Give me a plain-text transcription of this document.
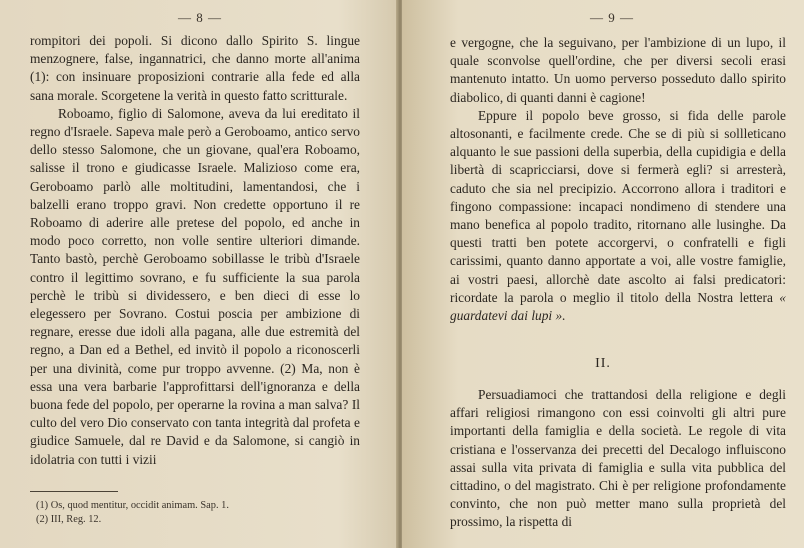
— 8 —

rompitori dei popoli. Si dicono dallo Spirito S. lingue menzognere, false, ingannatrici, che danno morte all'anima (1): con insinuare proposizioni contrarie alla fede ed alla sana morale. Scorgetene la verità in questo fatto scritturale.

Roboamo, figlio di Salomone, aveva da lui ereditato il regno d'Israele. Sapeva male però a Geroboamo, antico servo dello stesso Salomone, che un giovane, qual'era Roboamo, salisse il trono e giudicasse Israele. Malizioso come era, Geroboamo parlò alle moltitudini, lamentandosi, che i balzelli erano troppo gravi. Non credette opportuno il re Roboamo di aderire alle pretese del popolo, ed anche in modo poco corretto, non volle sentire ulteriori dimande. Tanto bastò, perchè Geroboamo sobillasse le tribù d'Israele contro il legittimo sovrano, e fu sufficiente la sua parola perchè le tribù si dividessero, e ben dieci di esse lo elegessero per Sovrano. Costui poscia per ambizione di regnare, eresse due idoli alla pagana, alle due estremità del regno, a Dan ed a Bethel, ed invitò il popolo a riconoscerli per una divinità, come pur troppo avvenne. (2) Ma, non è essa una vera barbarie l'approfittarsi dell'ignoranza e della buona fede del popolo, per operarne la rovina a man salva? Il culto del vero Dio conservato con tanta integrità dal profeta e giudice Samuele, dal re David e da Salomone, si cangiò in idolatria con tutti i vizii

(1) Os, quod mentitur, occidit animam. Sap. 1.

(2) III, Reg. 12.

— 9 —

e vergogne, che la seguivano, per l'ambizione di un lupo, il quale sconvolse quell'ordine, che per diversi secoli erasi mantenuto intatto. Un uomo perverso posseduto dallo spirito diabolico, di quanti danni è cagione!

Eppure il popolo beve grosso, si fida delle parole altosonanti, e facilmente crede. Che se di più si sollleticano alquanto le sue passioni della superbia, della cupidigia e della libertà di scapricciarsi, dove si fermerà egli? si arresterà, caduto che sia nel precipizio. Accorrono allora i traditori e fingono compassione: incapaci nondimeno di stendere una mano benefica al popolo tradito, ritornano alle lusinghe. Da questi tratti ben potete accorgervi, o confratelli e figli carissimi, quanto danno apportate a voi, alle vostre famiglie, ai vostri paesi, allorchè date ascolto ai falsi predicatori: ricordate la parola o meglio il titolo della Nostra lettera « guardatevi dai lupi ».

II.

Persuadiamoci che trattandosi della religione e degli affari religiosi rimangono con essi coinvolti gli altri pure importanti della famiglia e della società. Le regole di vita cristiana e l'osservanza dei precetti del Decalogo influiscono assai sulla vita privata di famiglia e sulla vita pubblica del cittadino, o del magistrato. Chi è per religione profondamente convinto, che non può metter mano sulla proprietà del prossimo, la rispetta di
